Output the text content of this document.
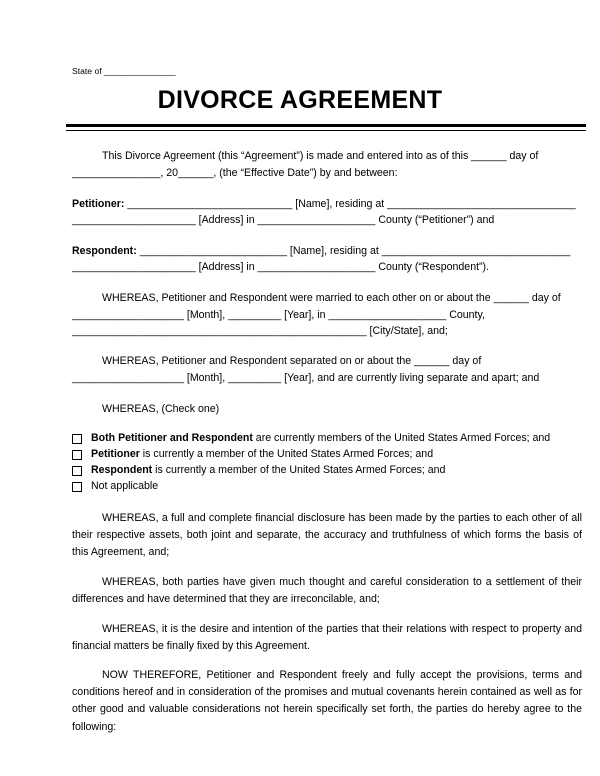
State of _______________
DIVORCE AGREEMENT
This Divorce Agreement (this “Agreement”) is made and entered into as of this ______ day of
_______________, 20______, (the “Effective Date”) by and between:
Petitioner: ____________________________ [Name], residing at ________________________________
_____________________ [Address] in ____________________ County (“Petitioner”) and
Respondent: _________________________ [Name], residing at ________________________________
_____________________ [Address] in ____________________ County (“Respondent”).
WHEREAS, Petitioner and Respondent were married to each other on or about the ______ day of
___________________ [Month], _________ [Year], in ____________________ County,
__________________________________________________ [City/State], and;
WHEREAS, Petitioner and Respondent separated on or about the ______ day of
___________________ [Month], _________ [Year], and are currently living separate and apart; and
WHEREAS, (Check one)
Both Petitioner and Respondent are currently members of the United States Armed Forces; and
Petitioner is currently a member of the United States Armed Forces; and
Respondent is currently a member of the United States Armed Forces; and
Not applicable
WHEREAS, a full and complete financial disclosure has been made by the parties to each other of all their respective assets, both joint and separate, the accuracy and truthfulness of which forms the basis of this Agreement, and;
WHEREAS, both parties have given much thought and careful consideration to a settlement of their differences and have determined that they are irreconcilable, and;
WHEREAS, it is the desire and intention of the parties that their relations with respect to property and financial matters be finally fixed by this Agreement.
NOW THEREFORE, Petitioner and Respondent freely and fully accept the provisions, terms and conditions hereof and in consideration of the promises and mutual covenants herein contained as well as for other good and valuable considerations not herein specifically set forth, the parties do hereby agree to the following:
